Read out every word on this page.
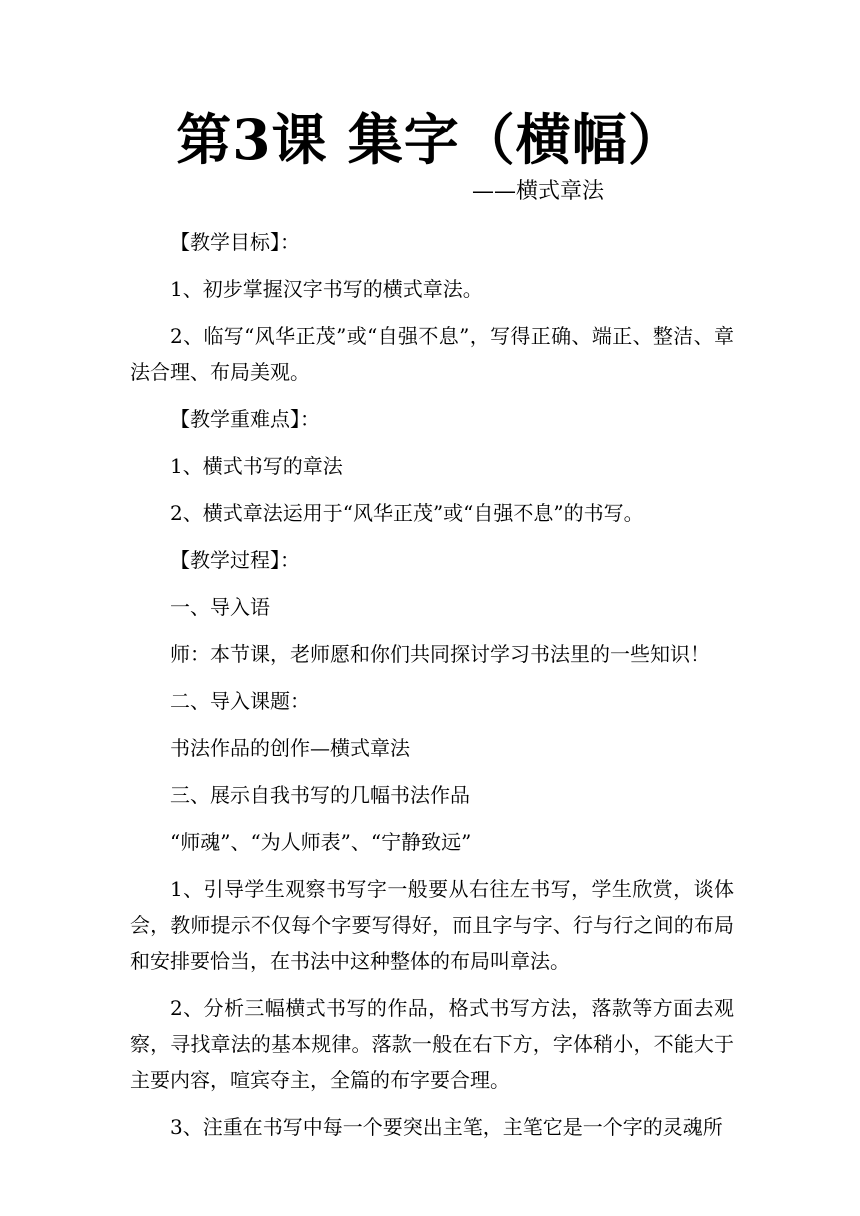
第3课 集字（横幅）
——横式章法

【教学目标】：

1、初步掌握汉字书写的横式章法。

2、临写“风华正茂”或“自强不息”，写得正确、端正、整洁、章法合理、布局美观。

【教学重难点】：

1、横式书写的章法

2、横式章法运用于“风华正茂”或“自强不息”的书写。

【教学过程】：

一、导入语

师：本节课，老师愿和你们共同探讨学习书法里的一些知识！

二、导入课题：

书法作品的创作—横式章法

三、展示自我书写的几幅书法作品

“师魂”、“为人师表”、“宁静致远”

1、引导学生观察书写字一般要从右往左书写，学生欣赏，谈体会，教师提示不仅每个字要写得好，而且字与字、行与行之间的布局和安排要恰当，在书法中这种整体的布局叫章法。

2、分析三幅横式书写的作品，格式书写方法，落款等方面去观察，寻找章法的基本规律。落款一般在右下方，字体稍小，不能大于主要内容，喧宾夺主，全篇的布字要合理。

3、注重在书写中每一个要突出主笔，主笔它是一个字的灵魂所
